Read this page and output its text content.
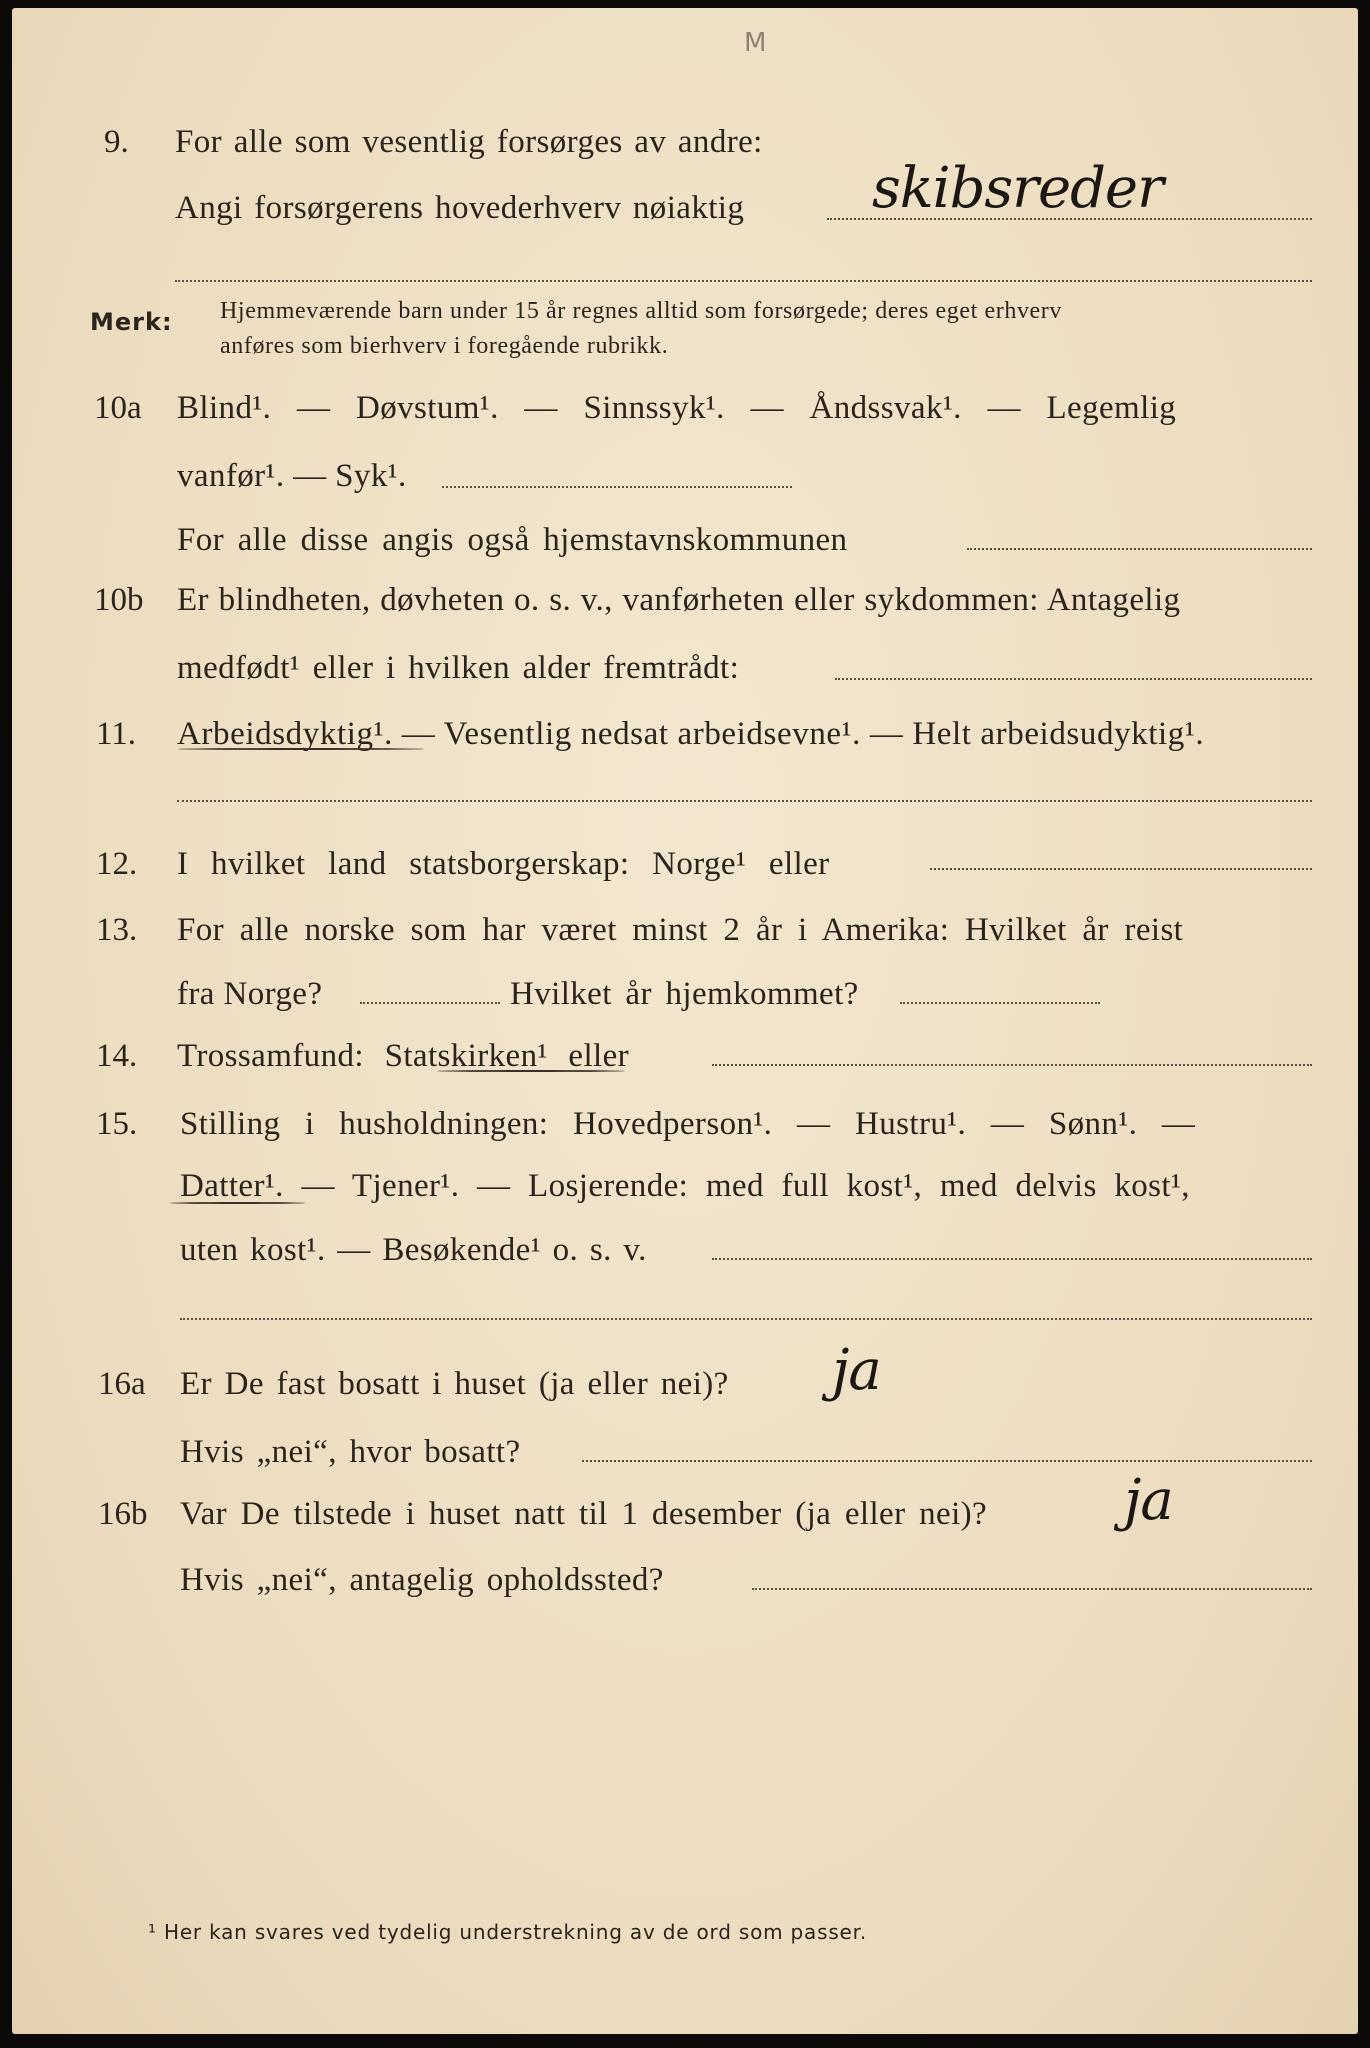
M
9. For alle som vesentlig forsørges av andre:
Angi forsørgerens hovederhverv nøiaktig skibsreder
Merk: Hjemmeværende barn under 15 år regnes alltid som forsørgede; deres eget erhverv
anføres som bierhverv i foregående rubrikk.
10a Blind¹. — Døvstum¹. — Sinnssyk¹. — Åndssvak¹. — Legemlig
vanfør¹. — Syk¹.
For alle disse angis også hjemstavnskommunen
10b Er blindheten, døvheten o. s. v., vanførheten eller sykdommen: Antagelig
medfødt¹ eller i hvilken alder fremtrådt:
11. Arbeidsdyktig¹. — Vesentlig nedsat arbeidsevne¹. — Helt arbeidsudyktig¹.
12. I hvilket land statsborgerskap: Norge¹ eller
13. For alle norske som har været minst 2 år i Amerika: Hvilket år reist
fra Norge?	Hvilket år hjemkommet?
14. Trossamfund: Statskirken¹ eller
15. Stilling i husholdningen: Hovedperson¹. — Hustru¹. — Sønn¹. —
Datter¹. — Tjener¹. — Losjerende: med full kost¹, med delvis kost¹,
uten kost¹. — Besøkende¹ o. s. v.
16a Er De fast bosatt i huset (ja eller nei)? ja
Hvis „nei“, hvor bosatt?
16b Var De tilstede i huset natt til 1 desember (ja eller nei)? ja
Hvis „nei“, antagelig opholdssted?
¹ Her kan svares ved tydelig understrekning av de ord som passer.
